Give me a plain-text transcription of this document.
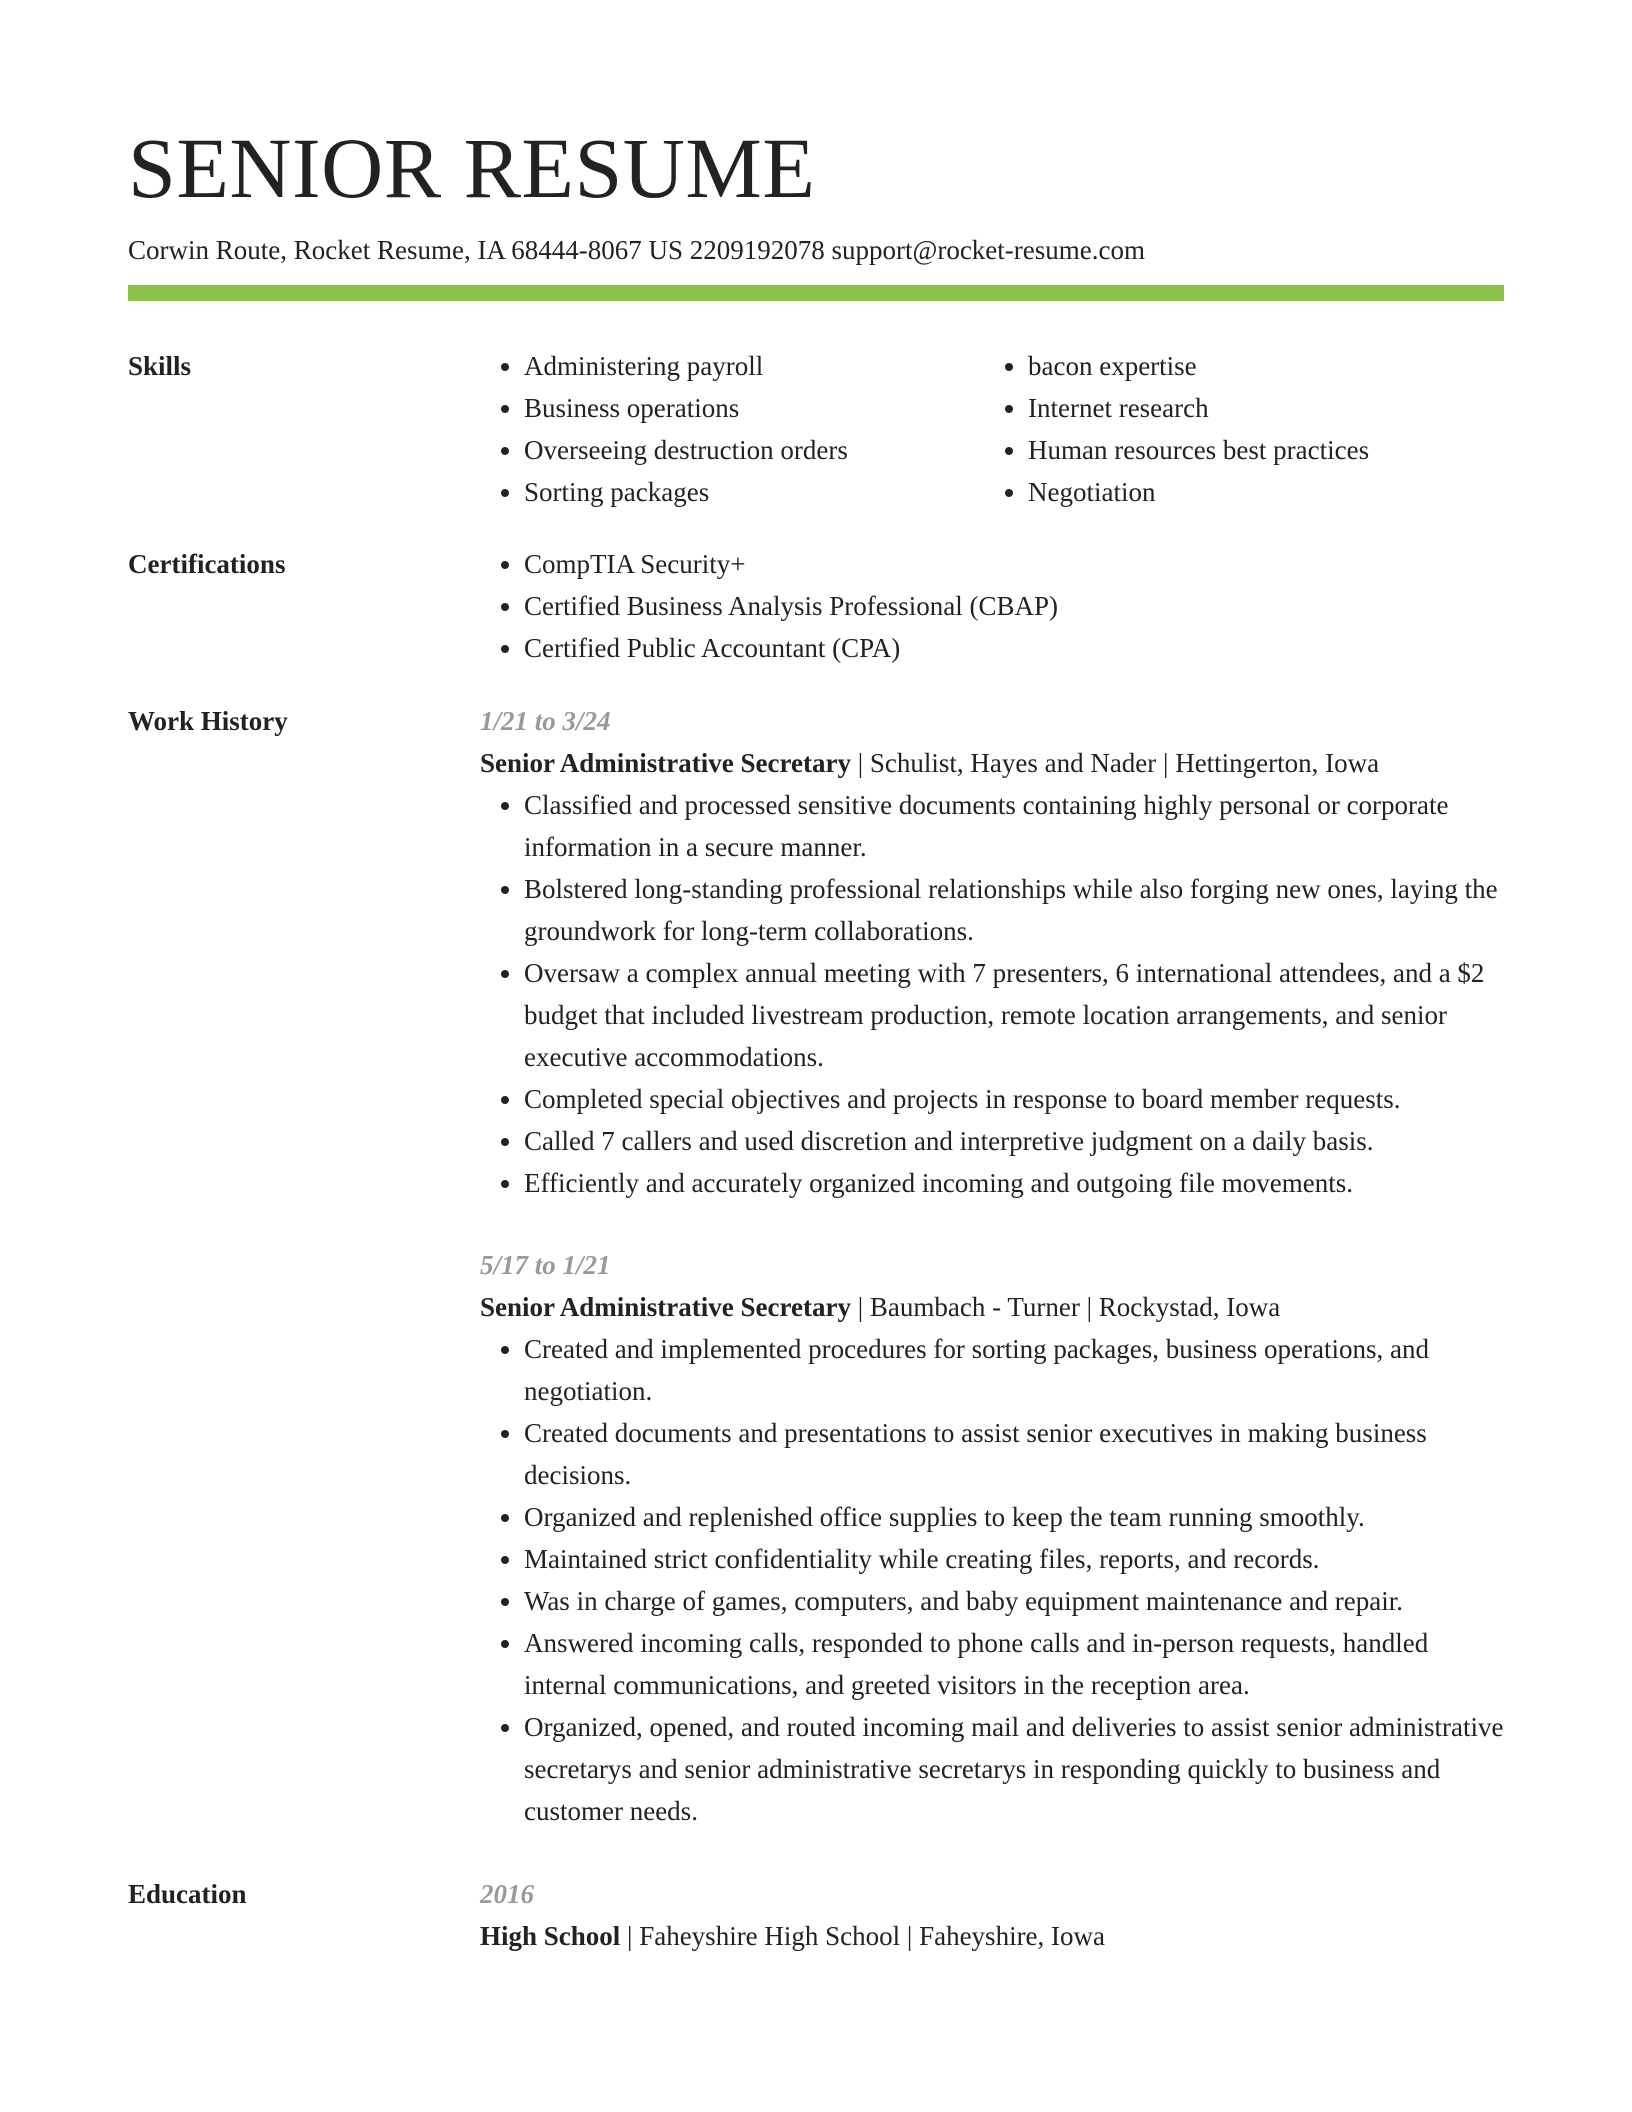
SENIOR RESUME
Corwin Route, Rocket Resume, IA 68444-8067 US 2209192078 support@rocket-resume.com
Skills	• Administering payroll
• Business operations
• Overseeing destruction orders
• Sorting packages
• bacon expertise
• Internet research
• Human resources best practices
• Negotiation
Certifications	• CompTIA Security+
• Certified Business Analysis Professional (CBAP)
• Certified Public Accountant (CPA)
Work History	1/21 to 3/24
Senior Administrative Secretary | Schulist, Hayes and Nader | Hettingerton, Iowa
• Classified and processed sensitive documents containing highly personal or corporate information in a secure manner.
• Bolstered long-standing professional relationships while also forging new ones, laying the groundwork for long-term collaborations.
• Oversaw a complex annual meeting with 7 presenters, 6 international attendees, and a $2 budget that included livestream production, remote location arrangements, and senior executive accommodations.
• Completed special objectives and projects in response to board member requests.
• Called 7 callers and used discretion and interpretive judgment on a daily basis.
• Efficiently and accurately organized incoming and outgoing file movements.
5/17 to 1/21
Senior Administrative Secretary | Baumbach - Turner | Rockystad, Iowa
• Created and implemented procedures for sorting packages, business operations, and negotiation.
• Created documents and presentations to assist senior executives in making business decisions.
• Organized and replenished office supplies to keep the team running smoothly.
• Maintained strict confidentiality while creating files, reports, and records.
• Was in charge of games, computers, and baby equipment maintenance and repair.
• Answered incoming calls, responded to phone calls and in-person requests, handled internal communications, and greeted visitors in the reception area.
• Organized, opened, and routed incoming mail and deliveries to assist senior administrative secretarys and senior administrative secretarys in responding quickly to business and customer needs.
Education	2016
High School | Faheyshire High School | Faheyshire, Iowa
